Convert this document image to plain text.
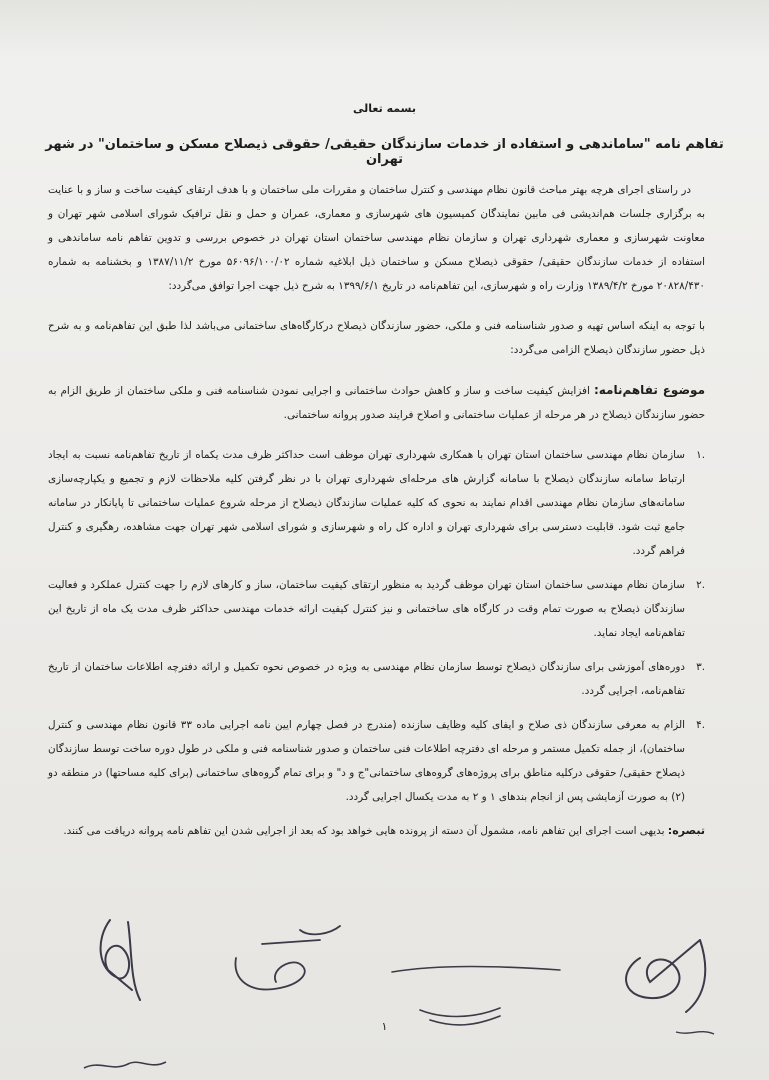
بسمه تعالی
تفاهم نامه "ساماندهی و استفاده از خدمات سازندگان حقیقی/ حقوقی ذیصلاح مسکن و ساختمان" در شهر تهران

در راستای اجرای هرچه بهتر مباحث قانون نظام مهندسی و کنترل ساختمان و مقررات ملی ساختمان و با هدف ارتقای کیفیت ساخت و ساز و با عنایت به برگزاری جلسات هم‌اندیشی فی مابین نمایندگان کمیسیون های شهرسازی و معماری، عمران و حمل و نقل ترافیک شورای اسلامی شهر تهران و معاونت شهرسازی و معماری شهرداری تهران و سازمان نظام مهندسی ساختمان استان تهران در خصوص بررسی و تدوین تفاهم نامه ساماندهی و استفاده از خدمات سازندگان حقیقی/ حقوقی ذیصلاح مسکن و ساختمان ذیل ابلاغیه شماره ۵۶۰۹۶/۱۰۰/۰۲ مورخ ۱۳۸۷/۱۱/۲ و بخشنامه به شماره ۲۰۸۲۸/۴۳۰ مورخ ۱۳۸۹/۴/۲ وزارت راه و شهرسازی، این تفاهم‌نامه در تاریخ ۱۳۹۹/۶/۱ به شرح ذیل جهت اجرا توافق می‌گردد:

با توجه به اینکه اساس تهیه و صدور شناسنامه فنی و ملکی، حضور سازندگان ذیصلاح درکارگاه‌های ساختمانی می‌باشد لذا طبق این تفاهم‌نامه و به شرح ذیل حضور سازندگان ذیصلاح الزامی می‌گردد:

موضوع تفاهم‌نامه: افزایش کیفیت ساخت و ساز و کاهش حوادث ساختمانی و اجرایی نمودن شناسنامه فنی و ملکی ساختمان از طریق الزام به حضور سازندگان ذیصلاح در هر مرحله از عملیات ساختمانی و اصلاح فرایند صدور پروانه ساختمانی.

.۱
سازمان نظام مهندسی ساختمان استان تهران با همکاری شهرداری تهران موظف است حداکثر ظرف مدت یکماه از تاریخ تفاهم‌نامه نسبت به ایجاد ارتباط سامانه سازندگان ذیصلاح با سامانه گزارش های مرحله‌ای شهرداری تهران با در نظر گرفتن کلیه ملاحظات لازم و تجمیع و یکپارچه‌سازی سامانه‌های سازمان نظام مهندسی اقدام نمایند به نحوی که کلیه عملیات سازندگان ذیصلاح از مرحله شروع عملیات ساختمانی تا پایانکار در سامانه جامع ثبت شود. قابلیت دسترسی برای شهرداری تهران و اداره کل راه و شهرسازی و شورای اسلامی شهر تهران جهت مشاهده، رهگیری و کنترل فراهم گردد.
.۲
سازمان نظام مهندسی ساختمان استان تهران موظف گردید به منظور ارتقای کیفیت ساختمان، ساز و کارهای لازم را جهت کنترل عملکرد و فعالیت سازندگان ذیصلاح به صورت تمام وقت در کارگاه های ساختمانی و نیز کنترل کیفیت ارائه خدمات مهندسی حداکثر ظرف مدت یک ماه از تاریخ این تفاهم‌نامه ایجاد نماید.
.۳
دوره‌های آموزشی برای سازندگان ذیصلاح توسط سازمان نظام مهندسی به ویژه در خصوص نحوه تکمیل و ارائه دفترچه اطلاعات ساختمان از تاریخ تفاهم‌نامه، اجرایی گردد.
.۴
الزام به معرفی سازندگان ذی صلاح و ایفای کلیه وظایف سازنده (مندرج در فصل چهارم ایین نامه اجرایی ماده ۳۳ قانون نظام مهندسی و کنترل ساختمان)، از جمله تکمیل مستمر و مرحله ای دفترچه اطلاعات فنی ساختمان و صدور شناسنامه فنی و ملکی در طول دوره ساخت توسط سازندگان ذیصلاح حقیقی/ حقوقی درکلیه مناطق برای پروژه‌های گروه‌های ساختمانی"ج و د" و برای تمام گروه‌های ساختمانی (برای کلیه مساحتها) در منطقه دو (۲) به صورت آزمایشی پس از انجام بندهای ۱ و ۲ به مدت یکسال اجرایی گردد.

تبصره: بدیهی است اجرای این تفاهم نامه، مشمول آن دسته از پرونده هایی خواهد بود که بعد از اجرایی شدن این تفاهم نامه پروانه دریافت می کنند.

۱
